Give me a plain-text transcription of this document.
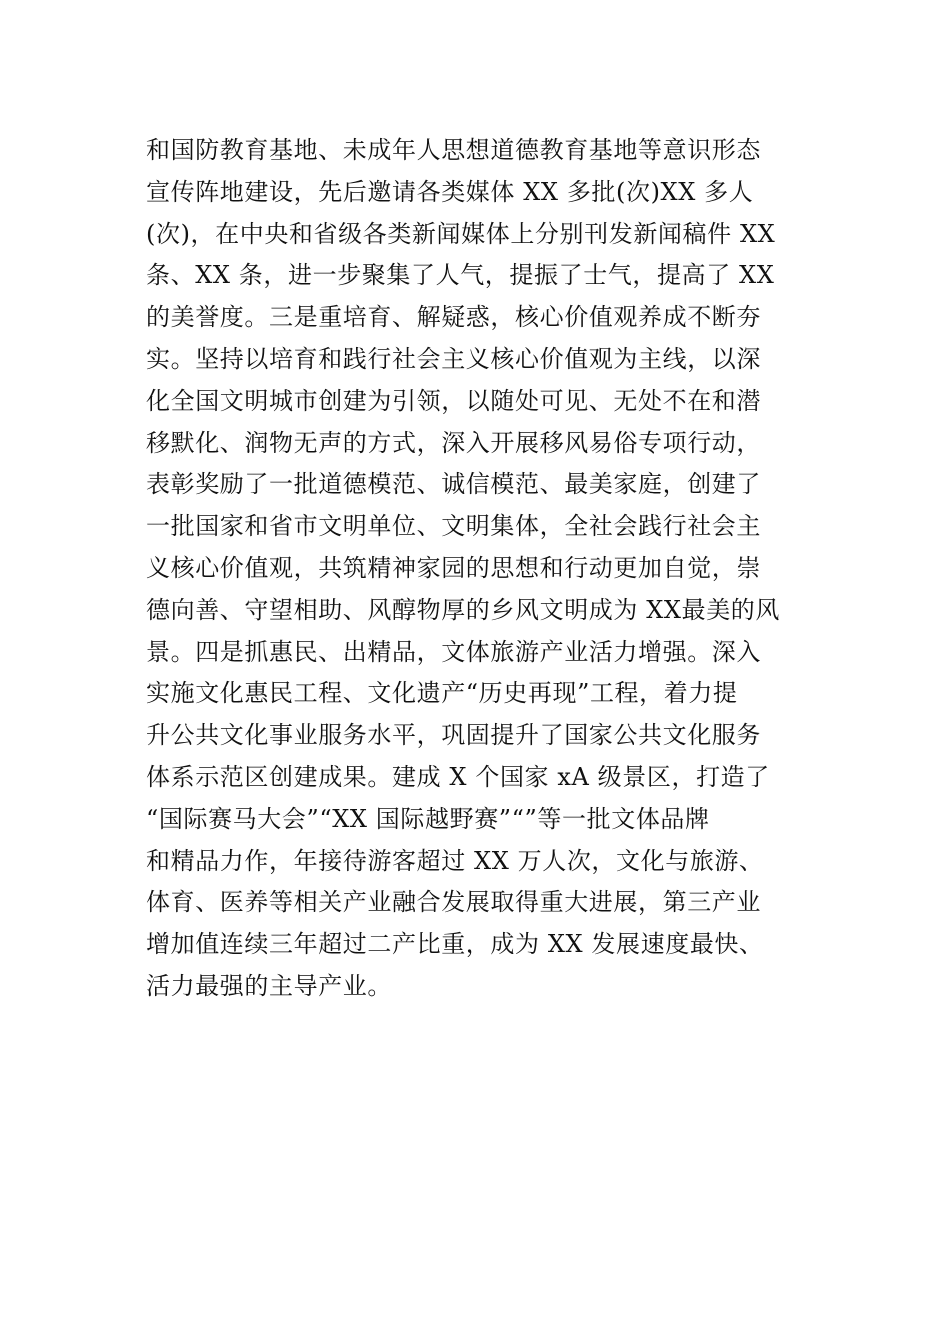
和国防教育基地、未成年人思想道德教育基地等意识形态
宣传阵地建设，先后邀请各类媒体 XX 多批(次)XX 多人
(次)，在中央和省级各类新闻媒体上分别刊发新闻稿件 XX
条、XX 条，进一步聚集了人气，提振了士气，提高了 XX
的美誉度。三是重培育、解疑惑，核心价值观养成不断夯
实。坚持以培育和践行社会主义核心价值观为主线，以深
化全国文明城市创建为引领，以随处可见、无处不在和潜
移默化、润物无声的方式，深入开展移风易俗专项行动，
表彰奖励了一批道德模范、诚信模范、最美家庭，创建了
一批国家和省市文明单位、文明集体，全社会践行社会主
义核心价值观，共筑精神家园的思想和行动更加自觉，崇
德向善、守望相助、风醇物厚的乡风文明成为 XX最美的风
景。四是抓惠民、出精品，文体旅游产业活力增强。深入
实施文化惠民工程、文化遗产“历史再现”工程，着力提
升公共文化事业服务水平，巩固提升了国家公共文化服务
体系示范区创建成果。建成 X 个国家 xA 级景区，打造了
“国际赛马大会”“XX 国际越野赛”“”等一批文体品牌
和精品力作，年接待游客超过 XX 万人次，文化与旅游、
体育、医养等相关产业融合发展取得重大进展，第三产业
增加值连续三年超过二产比重，成为 XX 发展速度最快、
活力最强的主导产业。
